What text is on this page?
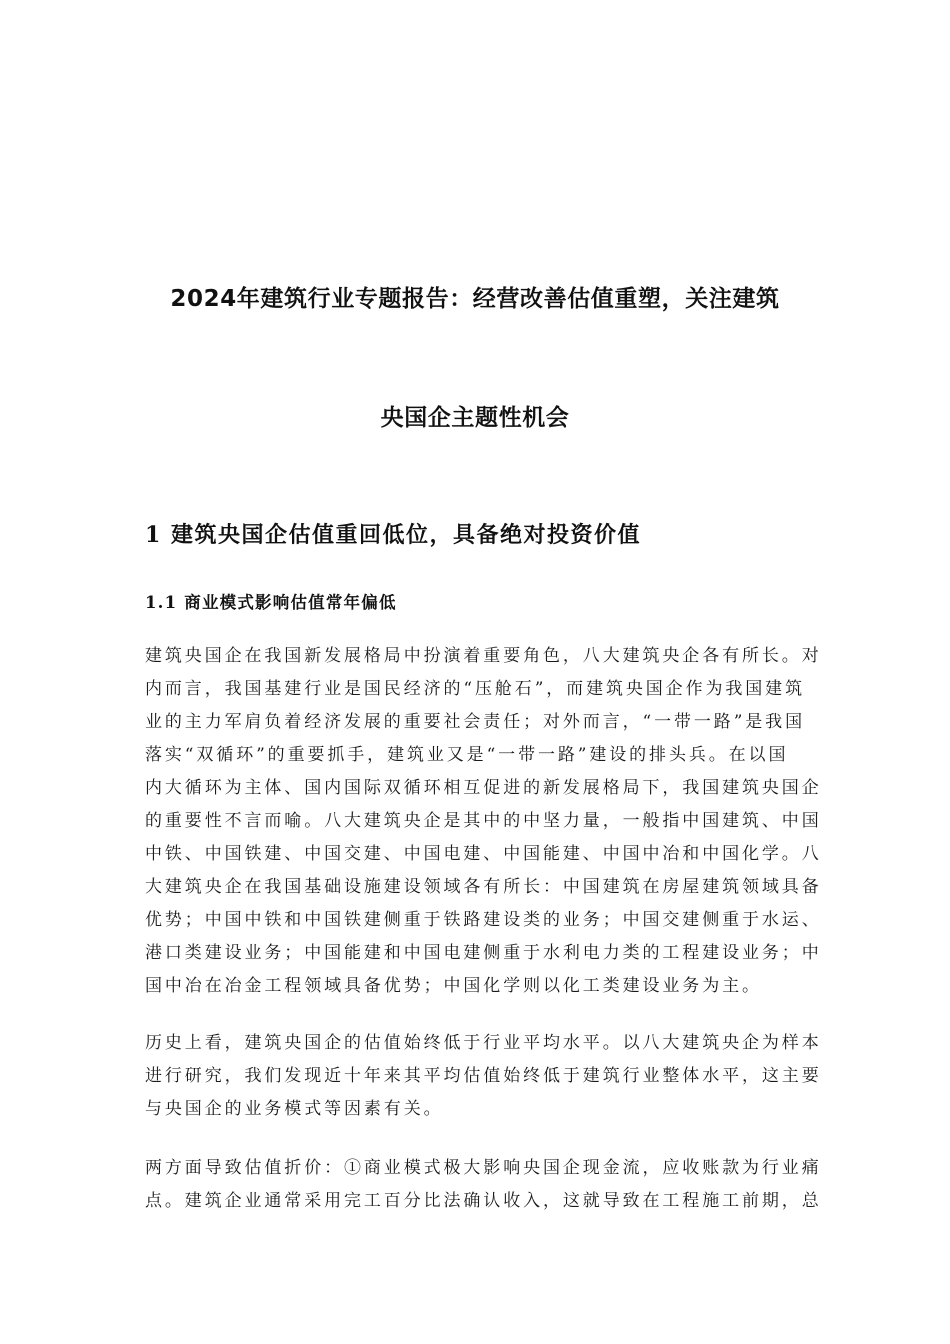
2024年建筑行业专题报告：经营改善估值重塑，关注建筑
央国企主题性机会
1 建筑央国企估值重回低位，具备绝对投资价值
1.1 商业模式影响估值常年偏低
建筑央国企在我国新发展格局中扮演着重要角色，八大建筑央企各有所长。对
内而言，我国基建行业是国民经济的“压舱石”，而建筑央国企作为我国建筑
业的主力军肩负着经济发展的重要社会责任；对外而言，“一带一路”是我国
落实“双循环”的重要抓手，建筑业又是“一带一路”建设的排头兵。在以国
内大循环为主体、国内国际双循环相互促进的新发展格局下，我国建筑央国企
的重要性不言而喻。八大建筑央企是其中的中坚力量，一般指中国建筑、中国
中铁、中国铁建、中国交建、中国电建、中国能建、中国中冶和中国化学。八
大建筑央企在我国基础设施建设领域各有所长：中国建筑在房屋建筑领域具备
优势；中国中铁和中国铁建侧重于铁路建设类的业务；中国交建侧重于水运、
港口类建设业务；中国能建和中国电建侧重于水利电力类的工程建设业务；中
国中冶在冶金工程领域具备优势；中国化学则以化工类建设业务为主。
历史上看，建筑央国企的估值始终低于行业平均水平。以八大建筑央企为样本
进行研究，我们发现近十年来其平均估值始终低于建筑行业整体水平，这主要
与央国企的业务模式等因素有关。
两方面导致估值折价：①商业模式极大影响央国企现金流，应收账款为行业痛
点。建筑企业通常采用完工百分比法确认收入，这就导致在工程施工前期，总
